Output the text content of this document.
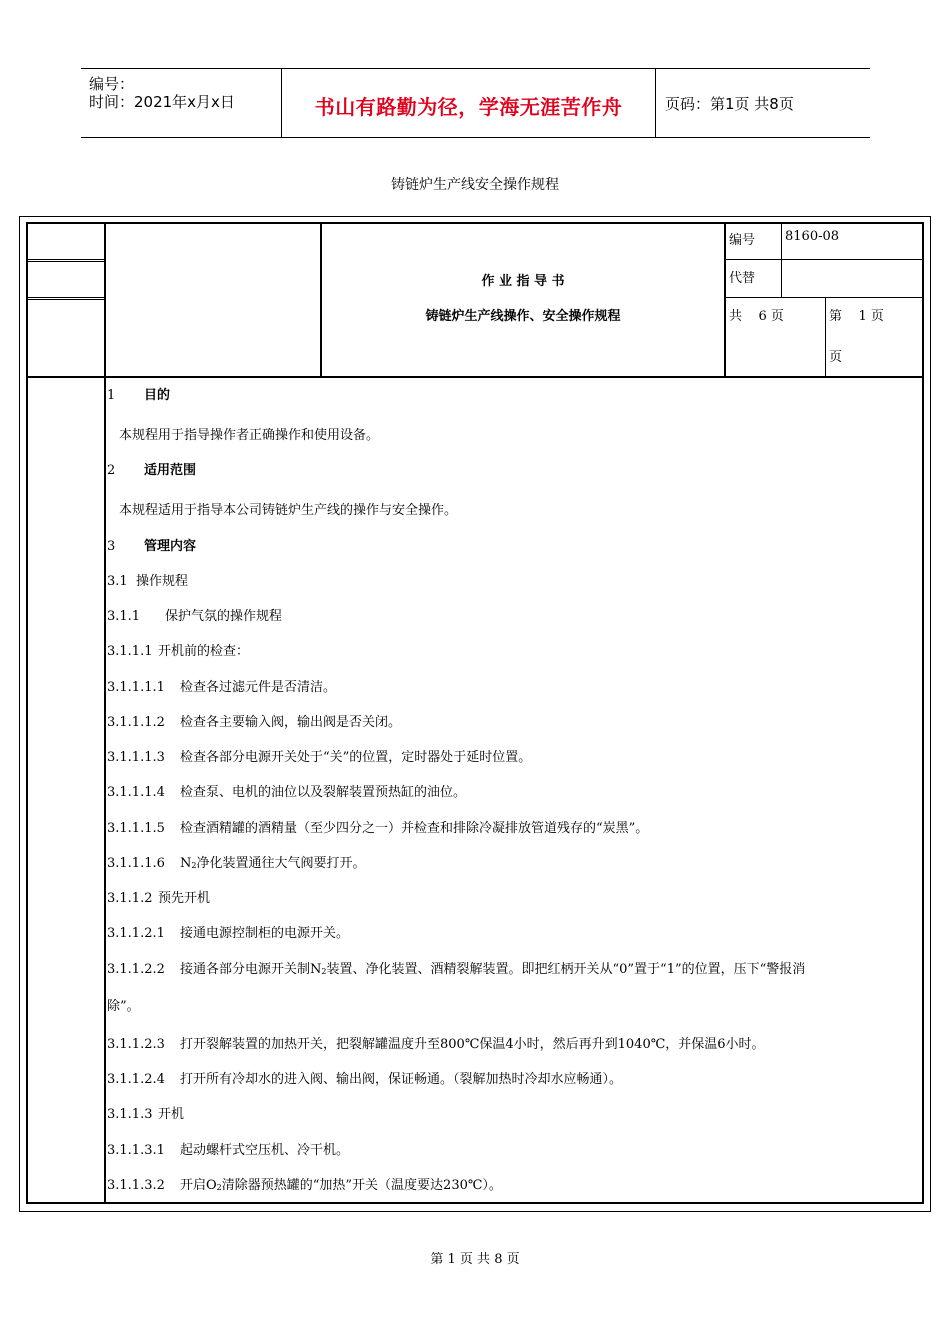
编号：
时间：2021年x月x日	书山有路勤为径，学海无涯苦作舟	页码：第1页 共8页
铸链炉生产线安全操作规程
作 业 指 导 书
铸链炉生产线操作、安全操作规程
编号 8160-08
代替
共    6 页	第    1 页
页
1 目的
本规程用于指导操作者正确操作和使用设备。
2 适用范围
本规程适用于指导本公司铸链炉生产线的操作与安全操作。
3 管理内容
3.1 操作规程
3.1.1 保护气氛的操作规程
3.1.1.1 开机前的检查：
3.1.1.1.1 检查各过滤元件是否清洁。
3.1.1.1.2 检查各主要输入阀，输出阀是否关闭。
3.1.1.1.3 检查各部分电源开关处于“关”的位置，定时器处于延时位置。
3.1.1.1.4 检查泵、电机的油位以及裂解装置预热缸的油位。
3.1.1.1.5 检查酒精罐的酒精量（至少四分之一）并检查和排除冷凝排放管道残存的“炭黑”。
3.1.1.1.6 $N_2$净化装置通往大气阀要打开。
3.1.1.2 预先开机
3.1.1.2.1 接通电源控制柜的电源开关。
3.1.1.2.2 接通各部分电源开关制$N_2$装置、净化装置、酒精裂解装置。即把红柄开关从“0”置于“1”的位置，压下“警报消
除”。
3.1.1.2.3 打开裂解装置的加热开关，把裂解罐温度升至800℃保温4小时，然后再升到1040℃，并保温6小时。
3.1.1.2.4 打开所有冷却水的进入阀、输出阀，保证畅通。（裂解加热时冷却水应畅通）。
3.1.1.3 开机
3.1.1.3.1 起动螺杆式空压机、冷干机。
3.1.1.3.2 开启$O_2$清除器预热罐的“加热”开关（温度要达230℃）。
第 1 页 共 8 页
